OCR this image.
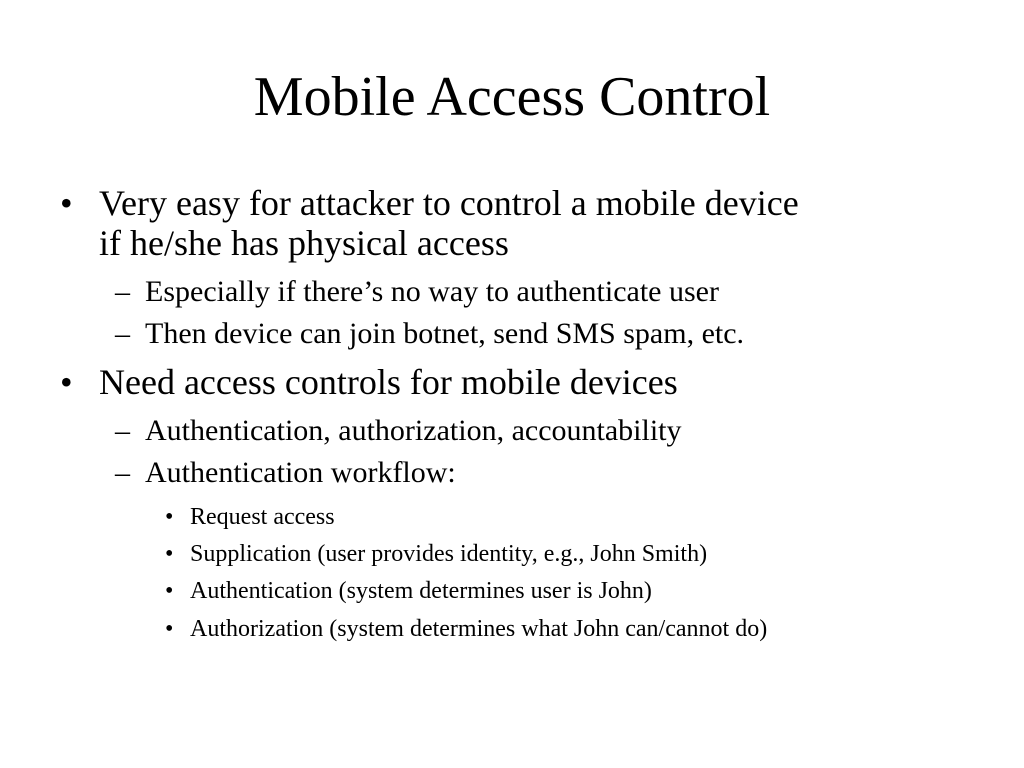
Mobile Access Control
• Very easy for attacker to control a mobile device
if he/she has physical access
– Especially if there’s no way to authenticate user
– Then device can join botnet, send SMS spam, etc.
• Need access controls for mobile devices
– Authentication, authorization, accountability
– Authentication workflow:
• Request access
• Supplication (user provides identity, e.g., John Smith)
• Authentication (system determines user is John)
• Authorization (system determines what John can/cannot do)
